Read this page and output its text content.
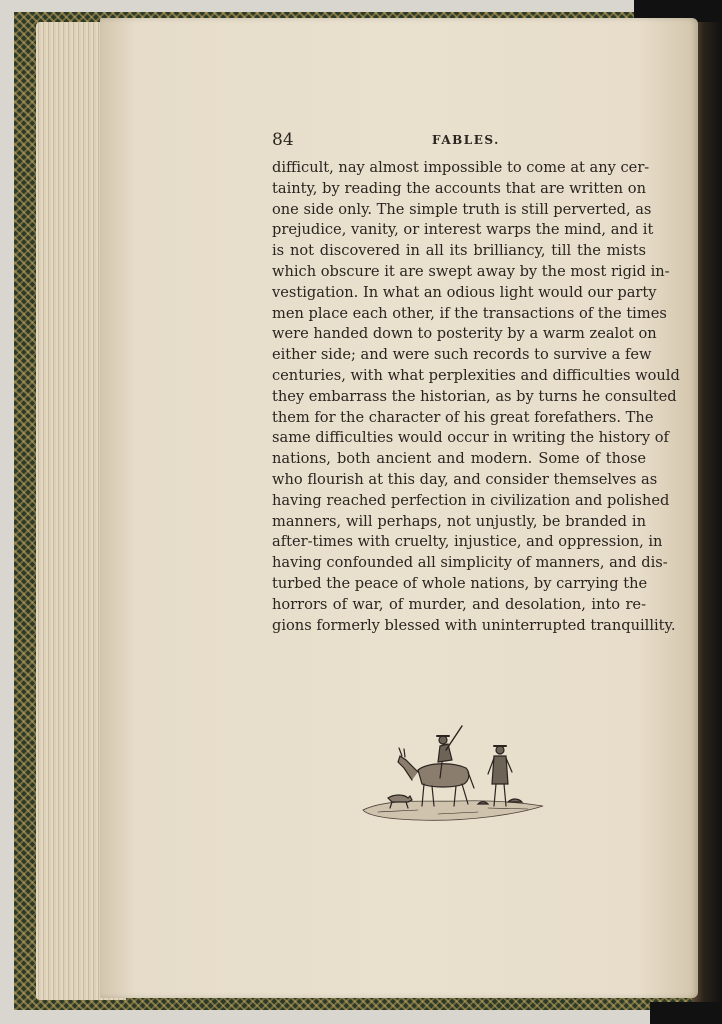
84	FABLES.
difficult, nay almost impossible to come at any cer-
tainty, by reading the accounts that are written on
one side only. The simple truth is still perverted, as
prejudice, vanity, or interest warps the mind, and it
is not discovered in all its brilliancy, till the mists
which obscure it are swept away by the most rigid in-
vestigation. In what an odious light would our party
men place each other, if the transactions of the times
were handed down to posterity by a warm zealot on
either side; and were such records to survive a few
centuries, with what perplexities and difficulties would
they embarrass the historian, as by turns he consulted
them for the character of his great forefathers. The
same difficulties would occur in writing the history of
nations, both ancient and modern. Some of those
who flourish at this day, and consider themselves as
having reached perfection in civilization and polished
manners, will perhaps, not unjustly, be branded in
after-times with cruelty, injustice, and oppression, in
having confounded all simplicity of manners, and dis-
turbed the peace of whole nations, by carrying the
horrors of war, of murder, and desolation, into re-
gions formerly blessed with uninterrupted tranquillity.
